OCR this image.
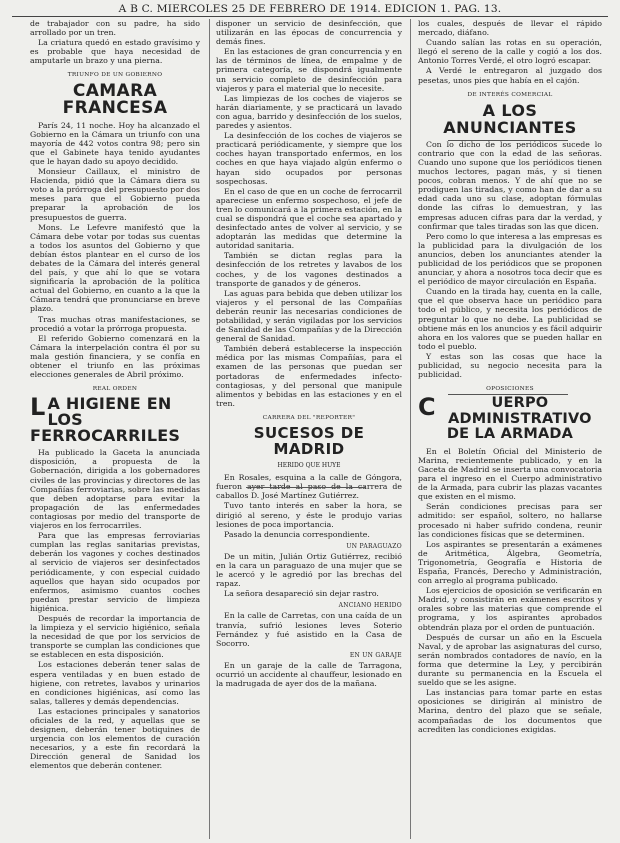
A B C. MIERCOLES 25 DE FEBRERO DE 1914. EDICION 1. PAG. 13.

de trabajador con su padre, ha sido arrollado por un tren.

La criatura quedó en estado gravísimo y es probable que haya necesidad de amputarle un brazo y una pierna.

TRIUNFO DE UN GOBIERNO
CAMARA FRANCESA

París 24, 11 noche. Hoy ha alcanzado el Gobierno en la Cámara un triunfo con una mayoría de 442 votos contra 98; pero sin que el Gabinete haya tenido ayudantes que le hayan dado su apoyo decidido.

Monsieur Caillaux, el ministro de Hacienda, pidió que la Cámara diera su voto a la prórroga del presupuesto por dos meses para que el Gobierno pueda preparar la aprobación de los presupuestos de guerra.

Mons. Le Lefevre manifestó que la Cámara debe votar por todas sus cuentas a todos los asuntos del Gobierno y que debían éstos plantear en el curso de los debates de la Cámara del interés general del país, y que ahí lo que se votara significaría la aprobación de la política actual del Gobierno, en cuanto a la que la Cámara tendrá que pronunciarse en breve plazo.

Tras muchas otras manifestaciones, se procedió a votar la prórroga propuesta.

El referido Gobierno comenzará en la Cámara la interpelación contra él por su mala gestión financiera, y se confía en obtener el triunfo en las próximas elecciones generales de Abril próximo.

REAL ORDEN
L A HIGIENE EN LOS FERROCARRILES

Ha publicado la Gaceta la anunciada disposición, a propuesta de la Gobernación, dirigida a los gobernadores civiles de las provincias y directores de las Compañías ferroviarias, sobre las medidas que deben adoptarse para evitar la propagación de las enfermedades contagiosas por medio del transporte de viajeros en los ferrocarriles.

Para que las empresas ferroviarias cumplan las reglas sanitarias previstas, deberán los vagones y coches destinados al servicio de viajeros ser desinfectados periódicamente, y con especial cuidado aquellos que hayan sido ocupados por enfermos, asimismo cuantos coches puedan prestar servicio de limpieza higiénica.

Después de recordar la importancia de la limpieza y el servicio higiénico, señala la necesidad de que por los servicios de transporte se cumplan las condiciones que se establecen en esta disposición.

Los estaciones deberán tener salas de espera ventiladas y en buen estado de higiene, con retretes, lavabos y urinarios en condiciones higiénicas, así como las salas, talleres y demás dependencias.

Las estaciones principales y sanatorios oficiales de la red, y aquellas que se designen, deberán tener botiquines de urgencia con los elementos de curación necesarios, y a este fin recordará la Dirección general de Sanidad los elementos que deberán contener.

disponer un servicio de desinfección, que utilizarán en las épocas de concurrencia y demás fines.

En las estaciones de gran concurrencia y en las de términos de línea, de empalme y de primera categoría, se dispondrá igualmente un servicio completo de desinfección para viajeros y para el material que lo necesite.

Las limpiezas de los coches de viajeros se harán diariamente, y se practicará un lavado con agua, barrido y desinfección de los suelos, paredes y asientos.

La desinfección de los coches de viajeros se practicará periódicamente, y siempre que los coches hayan transportado enfermos, en los coches en que haya viajado algún enfermo o hayan sido ocupados por personas sospechosas.

En el caso de que en un coche de ferrocarril apareciese un enfermo sospechoso, el jefe de tren lo comunicará a la primera estación, en la cual se dispondrá que el coche sea apartado y desinfectado antes de volver al servicio, y se adoptarán las medidas que determine la autoridad sanitaria.

También se dictan reglas para la desinfección de los retretes y lavabos de los coches, y de los vagones destinados a transporte de ganados y de géneros.

Las aguas para bebida que deben utilizar los viajeros y el personal de las Compañías deberán reunir las necesarias condiciones de potabilidad, y serán vigiladas por los servicios de Sanidad de las Compañías y de la Dirección general de Sanidad.

También deberá establecerse la inspección médica por las mismas Compañías, para el examen de las personas que puedan ser portadoras de enfermedades infecto-contagiosas, y del personal que manipule alimentos y bebidas en las estaciones y en el tren.

CARRERA DEL "REPORTER"
SUCESOS DE MADRID
HERIDO QUE HUYE

En Rosales, esquina a la calle de Góngora, fueron ayer tarde al paso de la carrera de caballos D. José Martínez Gutiérrez.

Tuvo tanto interés en saber la hora, se dirigió al sereno, y éste le produjo varias lesiones de poca importancia.

Pasado la denuncia correspondiente.

UN PARAGUAZO

De un mitin, Julián Ortiz Gutiérrez, recibió en la cara un paraguazo de una mujer que se le acercó y le agredió por las brechas del rapaz.

La señora desapareció sin dejar rastro.

ANCIANO HERIDO

En la calle de Carretas, con una caída de un tranvía, sufrió lesiones leves Soterio Fernández y fué asistido en la Casa de Socorro.

EN UN GARAJE

En un garaje de la calle de Tarragona, ocurrió un accidente al chauffeur, lesionado en la madrugada de ayer dos de la mañana.

los cuales, después de llevar el rápido mercado, diáfano.

Cuando salían las rotas en su operación, llegó el sereno de la calle y cogió a los dos. Antonio Torres Verdé, el otro logró escapar.

A Verdé le entregaron al juzgado dos pesetas, unos pies que había en el cajón.

DE INTERÉS COMERCIAL
A LOS ANUNCIANTES

Con lo dicho de los periódicos sucede lo contrario que con la edad de las señoras. Cuando uno supone que los periódicos tienen muchos lectores, pagan más, y si tienen pocos, cobran menos. Y de ahí que no se prodiguen las tiradas, y como han de dar a su edad cada uno su clase, adoptan fórmulas donde las cifras lo demuestran, y las empresas aducen cifras para dar la verdad, y confirmar que tales tiradas son las que dicen.

Pero como lo que interesa a las empresas es la publicidad para la divulgación de los anuncios, deben los anunciantes atender la publicidad de los periódicos que se proponen anunciar, y ahora a nosotros toca decir que es el periódico de mayor circulación en España.

Cuando en la tirada hay, cuenta en la calle, que el que observa hace un periódico para todo el público, y necesita los periódicos de preguntar lo que no debe. La publicidad se obtiene más en los anuncios y es fácil adquirir ahora en los valores que se pueden hallar en todo el pueblo.

Y estas son las cosas que hace la publicidad, su negocio necesita para la publicidad.

OPOSICIONES
C	UERPO ADMINISTRATIVO DE LA ARMADA

En el Boletín Oficial del Ministerio de Marina, recientemente publicado, y en la Gaceta de Madrid se inserta una convocatoria para el ingreso en el Cuerpo administrativo de la Armada, para cubrir las plazas vacantes que existen en el mismo.

Serán condiciones precisas para ser admitido: ser español, soltero, no hallarse procesado ni haber sufrido condena, reunir las condiciones físicas que se determinen.

Los aspirantes se presentarán a exámenes de Aritmética, Álgebra, Geometría, Trigonometría, Geografía e Historia de España, Francés, Derecho y Administración, con arreglo al programa publicado.

Los ejercicios de oposición se verificarán en Madrid, y consistirán en exámenes escritos y orales sobre las materias que comprende el programa, y los aspirantes aprobados obtendrán plaza por el orden de puntuación.

Después de cursar un año en la Escuela Naval, y de aprobar las asignaturas del curso, serán nombrados contadores de navío, en la forma que determine la Ley, y percibirán durante su permanencia en la Escuela el sueldo que se les asigne.

Las instancias para tomar parte en estas oposiciones se dirigirán al ministro de Marina, dentro del plazo que se señale, acompañadas de los documentos que acrediten las condiciones exigidas.
